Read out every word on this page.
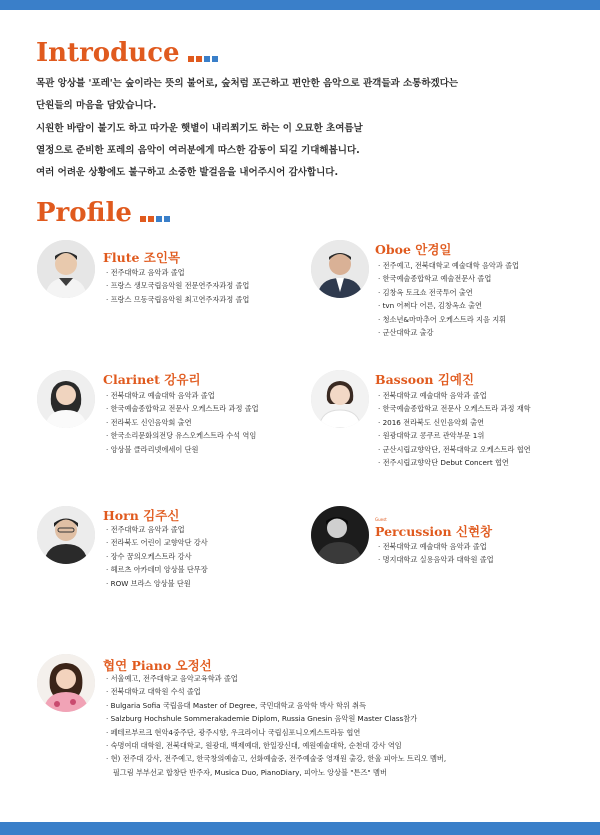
Introduce

목관 앙상블 '포레'는 숲이라는 뜻의 불어로, 숲처럼 포근하고 편안한 음악으로 관객들과 소통하겠다는

단원들의 마음을 담았습니다.

시원한 바람이 불기도 하고 따가운 햇볕이 내리쬐기도 하는 이 오묘한 초여름날

열정으로 준비한 포레의 음악이 여러분에게 따스한 감동이 되길 기대해봅니다.

여러 어려운 상황에도 불구하고 소중한 발걸음을 내어주시어 감사합니다.

Profile
Flute 조인목
· 전주대학교 음악과 졸업
· 프랑스 생모국립음악원 전문연주자과정 졸업
· 프랑스 므동국립음악원 최고연주자과정 졸업
Oboe 안경일
· 전주예고, 전북대학교 예술대학 음악과 졸업
· 한국예술종합학교 예술전문사 졸업
· 김창옥 토크쇼 전국투어 출연
· tvn 어쩌다 어른, 김창옥쇼 출연
· 청소년&마마추어 오케스트라 지음 지휘
· 군산대학교 출강
Clarinet 강유리
· 전북대학교 예술대학 음악과 졸업
· 한국예술종합학교 전문사 오케스트라 과정 졸업
· 전라북도 신인음악회 출연
· 한국소리문화의전당 유스오케스트라 수석 역임
· 앙상블 클라리넷에세이 단원
Bassoon 김예진
· 전북대학교 예술대학 음악과 졸업
· 한국예술종합학교 전문사 오케스트라 과정 재학
· 2016 전라북도 신인음악회 출연
· 원광대학교 콩쿠르 관악부문 1위
· 군산시립교향악단, 전북대학교 오케스트라 협연
· 전주시립교향악단 Debut Concert 협연
Horn 김주신
· 전주대학교 음악과 졸업
· 전라북도 어린이 교향악단 강사
· 장수 꿈의오케스트라 강사
· 헤르츠 아카데미 앙상블 단무장
· ROW 브라스 앙상블 단원
Guest
Percussion 신현창
· 전북대학교 예술대학 음악과 졸업
· 명지대학교 실용음악과 대학원 졸업
협연 Piano 오정선
· 서울예고, 전주대학교 음악교육학과 졸업
· 전북대학교 대학원 수석 졸업
· Bulgaria Sofia 국립음대 Master of Degree, 국민대학교 음악학 박사 학위 취득
· Salzburg Hochshule Sommerakademie Diplom, Russia Gnesin 음악원 Master Class참가
· 페테르부르크 현악4중주단, 광주시향, 우크라이나 국립심포니오케스트라등 협연
· 숙명여대 대학원, 전북대학교, 원광대, 백제예대, 한일장신대, 예원예술대학, 순천대 강사 역임
· 현) 전주대 강사, 전주예고, 한국창의예술고, 선화예술중, 전주예술중 영재원 출강, 한울 피아노 트리오 멤버,
필그림 부부선교 합창단 반주자, Musica Duo, PianoDiary, 피아노 앙상블 "튼즈" 멤버
